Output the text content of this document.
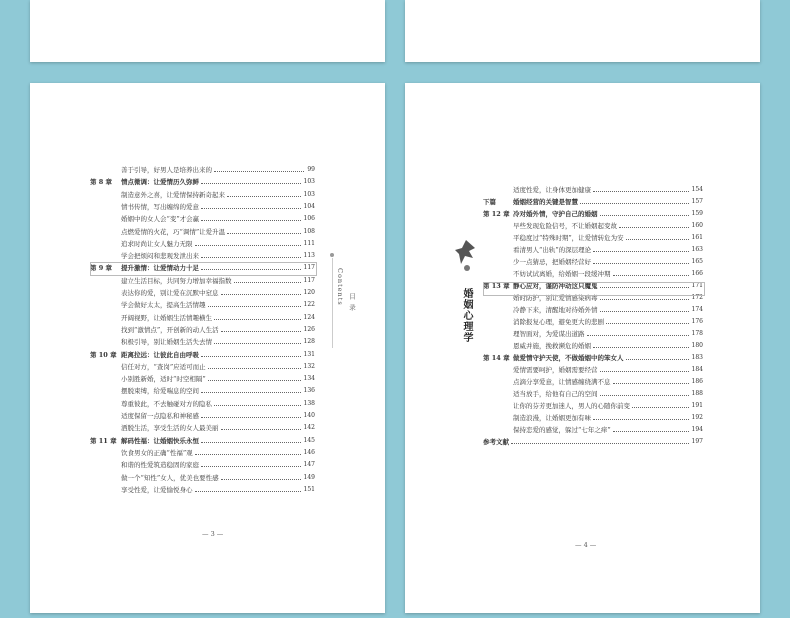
善于引导，好男人是培养出来的	99
第 8 章 情点微调：让爱情历久弥鲜	103
制造意外之喜，让爱情保持新奇起来	103
情书传情，写出缠绵的爱意	104
婚姻中的女人会“变”才会赢	106
点燃爱情的火花，巧“调情”让爱升温	108
追求时尚让女人魅力无限	111
学会把烦闷和悲观发泄出来	113
第 9 章 提升激情：让爱情动力十足	117
建立生活目标，共同努力增加幸福指数	117
表达你的爱，别让爱在沉默中窒息	120
学会做好太太，提高生活情趣	122
开阔视野，让婚姻生活情趣横生	124
找到“激情点”，开创新的动人生活	126
积极引导，别让婚姻生活失去情	128
第 10 章 距离拉远：让彼此自由呼吸	131
信任对方，“查岗”应适可而止	132
小别胜新婚，适时“时空相隔”	134
摆脱束缚，给爱喘息的空间	136
尊重彼此，不去触碰对方的隐私	138
适度保留一点隐私和神秘感	140
洒脱生活，享受生活的女人最美丽	142
第 11 章 解码性福：让婚姻快乐永恒	145
饮食男女的正确“性福”观	146
和谐的性爱筑造稳固的家庭	147
做一个“知性”女人，优美也要性感	149
享受性爱，让爱愉悦身心	151
Contents 目 录
— 3 —
适度性爱，让身体更加健康	154
下篇	婚姻经营的关键是智慧	157
第 12 章 冷对婚外情，守护自己的婚姻	159
早些发现危险信号，不让婚姻起变故	160
平稳度过“特殊时期”，让爱情转危为安	161
看清男人“出轨”的深层理论	163
少一点猜忌，把婚姻经营好	165
不妨试试离婚，给婚姻一段缓冲期	166
第 13 章 静心应对，谨防冲动这只魔鬼	171
婚时防护，别让爱情感染病毒	172
冷静下来，清醒地对待婚外情	174
消除报复心理，避免更大的悲剧	176
理智面对，为爱谋出道路	178
恩威并施，挽救濒危的婚姻	180
第 14 章 做爱情守护天使，不做婚姻中的笨女人	183
爱情需要呵护，婚姻需要经营	184
点滴分享爱意，让情感缠绕满不息	186
适当放手，给他有自己的空间	188
让你的芬芳更加迷人，男人的心随你前变	191
制造浪漫，让婚姻更加有味	192
保持恋爱的感觉，躲过“七年之痒”	194
参考文献	197
婚姻心理学
— 4 —
